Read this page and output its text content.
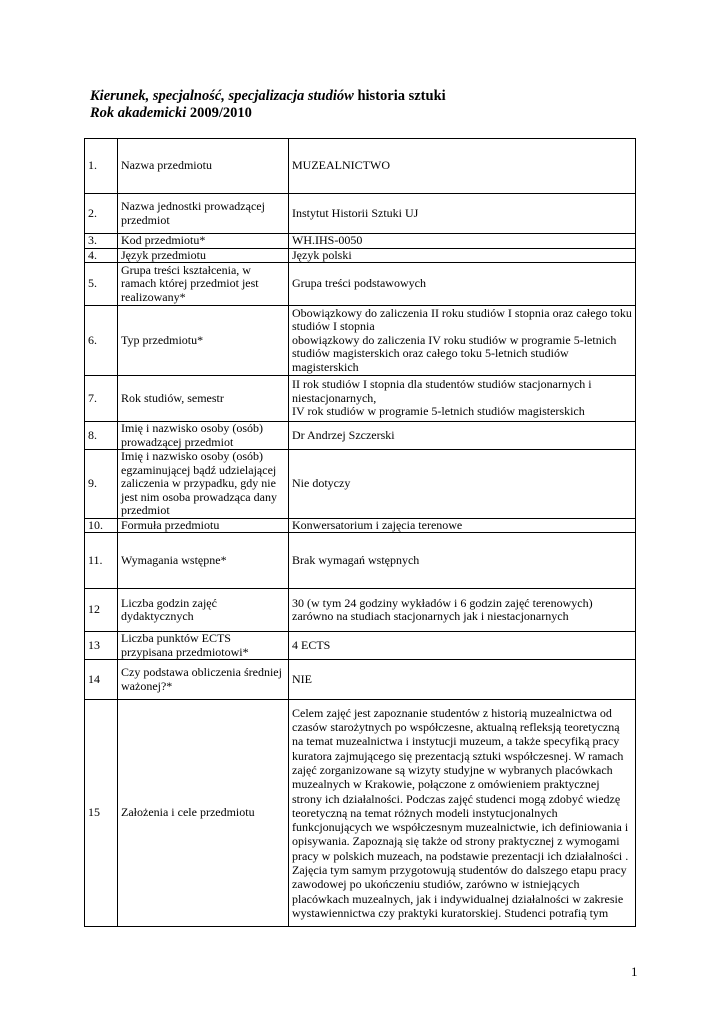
Kierunek, specjalność, specjalizacja studiów historia sztuki
Rok akademicki 2009/2010
1.	Nazwa przedmiotu	MUZEALNICTWO
2.	Nazwa jednostki prowadzącej przedmiot	Instytut Historii Sztuki UJ
3.	Kod przedmiotu*	WH.IHS-0050
4.	Język przedmiotu	Język polski
5.	Grupa treści kształcenia, w ramach której przedmiot jest realizowany*	Grupa treści podstawowych
6.	Typ przedmiotu*	Obowiązkowy do zaliczenia II roku studiów I stopnia oraz całego toku studiów I stopnia
obowiązkowy do zaliczenia IV roku studiów w programie 5-letnich studiów magisterskich oraz całego toku 5-letnich studiów magisterskich

7.	Rok studiów, semestr	II rok studiów I stopnia dla studentów studiów stacjonarnych i niestacjonarnych,
IV rok studiów w programie 5-letnich studiów magisterskich

8.	Imię i nazwisko osoby (osób) prowadzącej przedmiot	Dr Andrzej Szczerski
9.	Imię i nazwisko osoby (osób) egzaminującej bądź udzielającej zaliczenia w przypadku, gdy nie jest nim osoba prowadząca dany przedmiot	Nie dotyczy
10.	Formuła przedmiotu	Konwersatorium i zajęcia terenowe
11.	Wymagania wstępne*	Brak wymagań wstępnych
12	Liczba godzin zajęć dydaktycznych	30 (w tym 24 godziny wykładów i 6 godzin zajęć terenowych) zarówno na studiach stacjonarnych jak i niestacjonarnych
13	Liczba punktów ECTS przypisana przedmiotowi*	4 ECTS
14	Czy podstawa obliczenia średniej ważonej?*	NIE
15	Założenia i cele przedmiotu	Celem zajęć jest zapoznanie studentów z historią muzealnictwa od czasów starożytnych po współczesne, aktualną refleksją teoretyczną na temat muzealnictwa i instytucji muzeum, a także specyfiką pracy kuratora zajmującego się prezentacją sztuki współczesnej. W ramach zajęć zorganizowane są wizyty studyjne w wybranych placówkach muzealnych w Krakowie, połączone z omówieniem praktycznej strony ich działalności. Podczas zajęć studenci mogą zdobyć wiedzę teoretyczną na temat różnych modeli instytucjonalnych funkcjonujących we współczesnym muzealnictwie, ich definiowania i opisywania. Zapoznają się także od strony praktycznej z wymogami pracy w polskich muzeach, na podstawie prezentacji ich działalności . Zajęcia tym samym przygotowują studentów do dalszego etapu pracy zawodowej po ukończeniu studiów, zarówno w istniejących placówkach muzealnych, jak i indywidualnej działalności w zakresie wystawiennictwa czy praktyki kuratorskiej. Studenci potrafią tym
1
